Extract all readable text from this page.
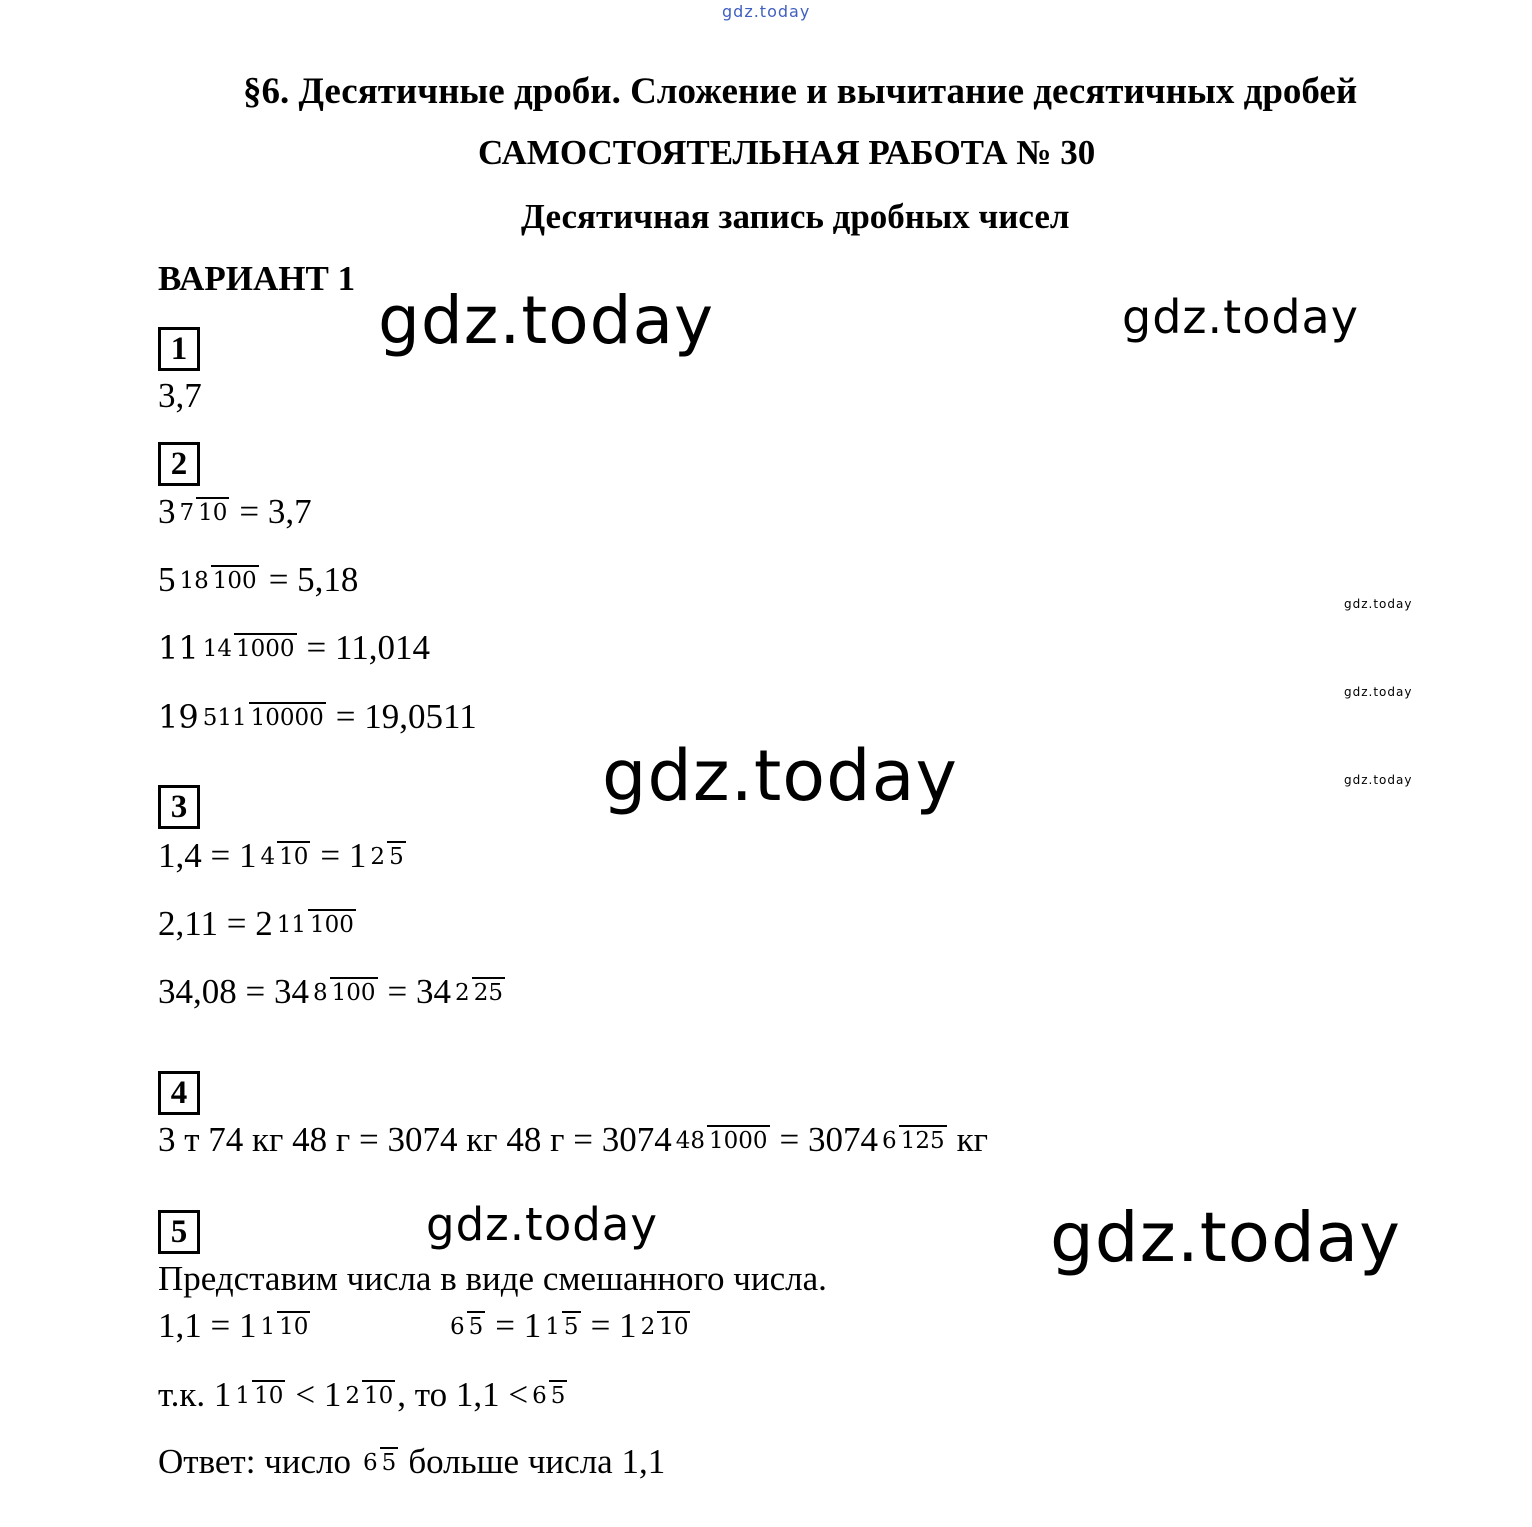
gdz.today
gdz.today	gdz.today
gdz.today
gdz.today
gdz.today
gdz.today
gdz.today	gdz.today
§6. Десятичные дроби. Сложение и вычитание десятичных дробей
САМОСТОЯТЕЛЬНАЯ РАБОТА № 30
Десятичная запись дробных чисел
ВАРИАНТ 1
1
3,7
2
3 7 10 = 3,7
5 18 100 = 5,18
11 14 1000 = 11,014
19 511 10000 = 19,0511
3
1,4 = 1 4 10 = 1 2 5
2,11 = 2 11 100
34,08 = 34 8 100 = 34 2 25
4
3 т 74 кг 48 г = 3074 кг 48 г = 3074 48 1000 = 3074 6 125 кг
5
Представим числа в виде смешанного числа.
1,1 = 1 1 10	6 5 = 1 1 5 = 1 2 10
т.к. 1 1 10 < 1 2 10 , то 1,1 < 6 5
Ответ: число 6 5 больше числа 1,1
